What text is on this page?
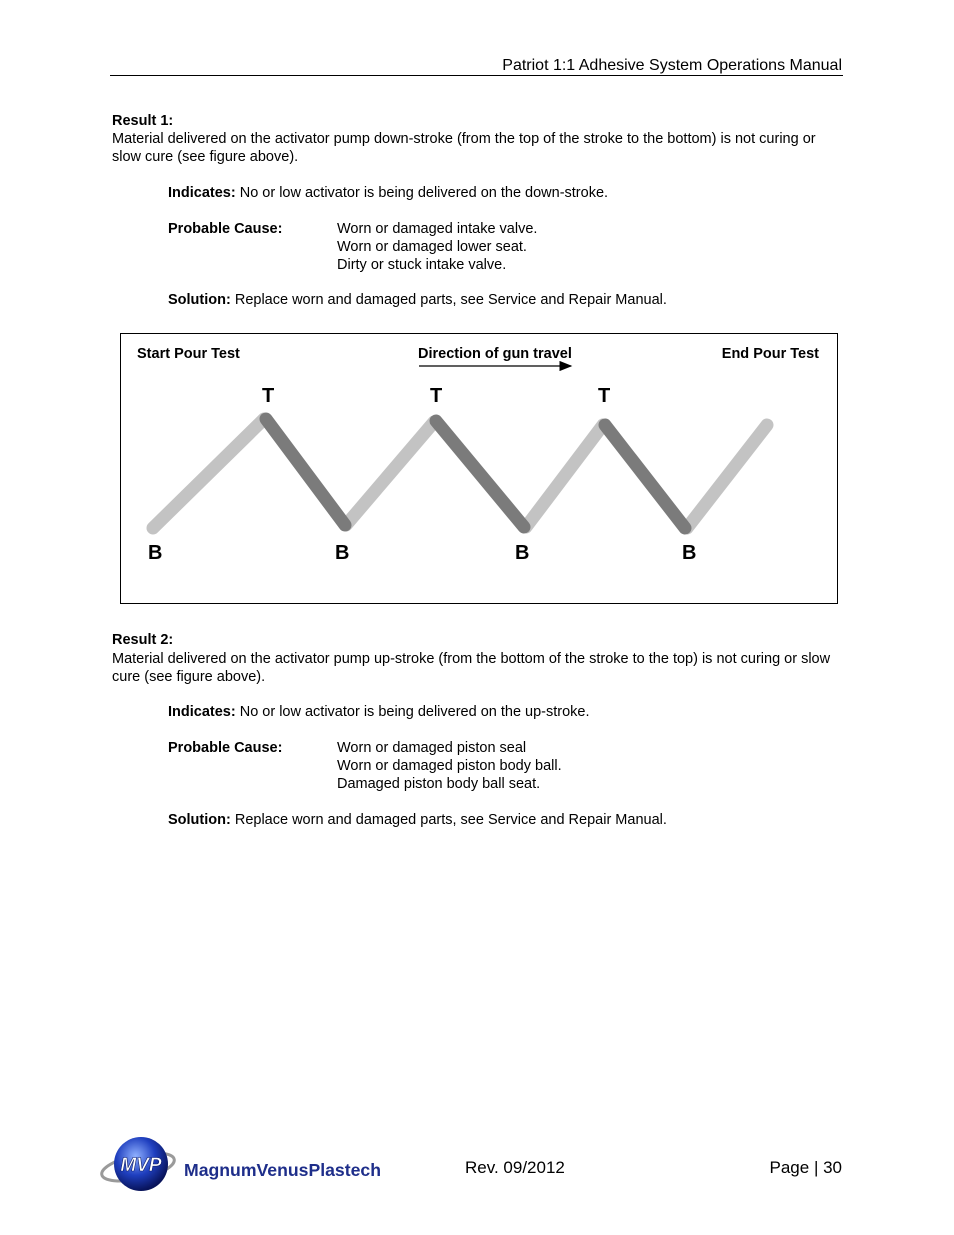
Patriot 1:1 Adhesive System Operations Manual
Result 1:
Material delivered on the activator pump down-stroke (from the top of the stroke to the bottom) is not curing or slow cure (see figure above).
Indicates: No or low activator is being delivered on the down-stroke.
Probable Cause:	Worn or damaged intake valve.
Worn or damaged lower seat.
Dirty or stuck intake valve.
Solution: Replace worn and damaged parts, see Service and Repair Manual.
Start Pour Test	Direction of gun travel	End Pour Test
T	T	T
B	B	B	B
Result 2:
Material delivered on the activator pump up-stroke (from the bottom of the stroke to the top) is not curing or slow cure (see figure above).
Indicates: No or low activator is being delivered on the up-stroke.
Probable Cause:	Worn or damaged piston seal
Worn or damaged piston body ball.
Damaged piston body ball seat.
Solution: Replace worn and damaged parts, see Service and Repair Manual.
MVP MagnumVenusPlastech	Rev. 09/2012	Page | 30
